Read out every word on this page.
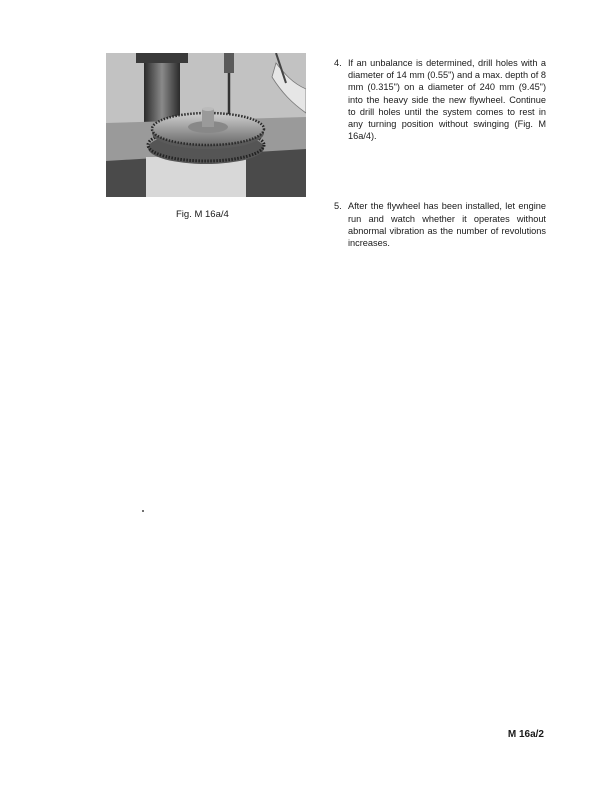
Fig. M 16a/4
4. If an unbalance is determined, drill holes with a diameter of 14 mm (0.55") and a max. depth of 8 mm (0.315") on a diameter of 240 mm (9.45") into the heavy side the new flywheel. Continue to drill holes until the system comes to rest in any turning position without swinging (Fig. M 16a/4).
5. After the flywheel has been installed, let engine run and watch whether it operates without abnormal vibration as the number of revolutions increases.
M 16a/2
